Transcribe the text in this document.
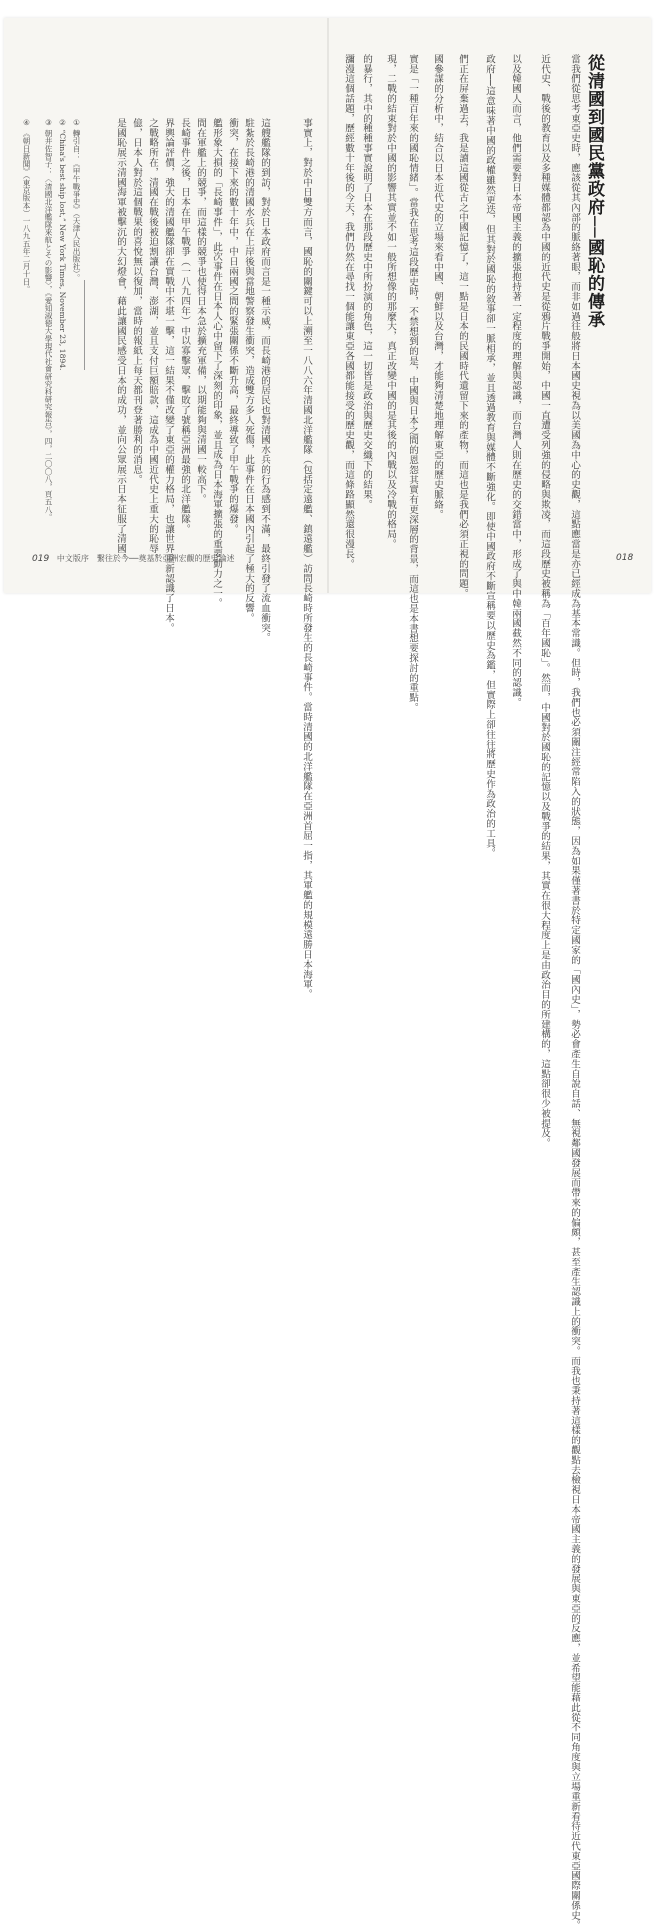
從清國到國民黨政府──國恥的傳承
當我們從思考東亞史時，應該從其內部的脈絡著眼，而非如過往般將日本國史視為以美國為中心的史觀，這點應當是亦已經成為基本常識。但時，我們也必須關注經常陷入的狀態，因為如果僅著書於特定國家的「國內史」，勢必會產生自說自話、無視鄰國發展而帶來的偏頗，甚至產生認識上的衝突。而我也秉持著這樣的觀點去檢視日本帝國主義的發展與東亞的反應，並希望能藉此從不同角度與立場重新看待近代東亞國際關係史。
近代史、戰後的教育以及多種媒體都認為中國的近代史是從鴉片戰爭開始，中國一直遭受列強的侵略與欺凌，而這段歷史被稱為「百年國恥」。然而，中國對於國恥的記憶以及戰爭的結果，其實在很大程度上是由政治目的所建構的，這點卻很少被提及。
以及韓國人而言，他們需要對日本帝國主義的擴張抱持著一定程度的理解與認識，而台灣人則在歷史的交錯當中，形成了與中韓兩國截然不同的認識。
政府──這意味著中國的政權雖然更迭，但其對於國恥的敘事卻一脈相承，並且透過教育與媒體不斷強化。即使中國政府不斷宣稱要以歷史為鑑，但實際上卻往往將歷史作為政治的工具。
們正在屏棄過去，我是讀這國從古之中國記憶了，這一點是日本的民國時代遺留下來的產物，而這也是我們必須正視的問題。
國參謀的分析中，結合以日本近代史的立場來看中國、朝鮮以及台灣，才能夠清楚地理解東亞的歷史脈絡。
實是「一種百年來的國恥情緒」。當我在思考這段歷史時，不禁想到的是，中國與日本之間的恩怨其實有更深層的背景，而這也是本書想要探討的重點。
現，二戰的結束對於中國的影響其實並不如一般所想像的那麼大，真正改變中國的是其後的內戰以及冷戰的格局。
的暴行，其中的種種事實說明了日本在那段歷史中所扮演的角色，這一切皆是政治與歷史交織下的結果。
瀰漫這個話題，歷經數十年後的今天，我們仍然在尋找一個能讓東亞各國都能接受的歷史觀，而這條路顯然還很漫長。	018
事實上，對於中日雙方而言，國恥的關鍵可以上溯至一八八六年清國北洋艦隊（包括定遠艦、鎮遠艦）訪問長崎時所發生的長崎事件。當時清國的北洋艦隊在亞洲首屈一指，其軍艦的規模遠勝日本海軍。
這艘艦隊的到訪，對於日本政府而言是一種示威，而長崎港的居民也對清國水兵的行為感到不滿，最終引發了流血衝突。
駐紮於長崎港的清國水兵在上岸後與當地警察發生衝突，造成雙方多人死傷，此事件在日本國內引起了極大的反響。
衝突，在接下來的數十年中，中日兩國之間的緊張關係不斷升高，最終導致了甲午戰爭的爆發。
艦形象大損的「長崎事件」，此次事件在日本人心中留下了深刻的印象，並且成為日本海軍擴張的重要動力之一。
間在軍艦上的競爭，而這樣的競爭也使得日本急於擴充軍備，以期能夠與清國一較高下。
長崎事件之後，日本在甲午戰爭（一八九四年）中以寡擊眾，擊敗了號稱亞洲最強的北洋艦隊。
界輿論評價，強大的清國艦隊卻在實戰中不堪一擊，這一結果不僅改變了東亞的權力格局，也讓世界重新認識了日本。
之戰略所在，清國在戰後被迫割讓台灣、澎湖，並且支付巨額賠款，這成為中國近代史上重大的恥辱。
億，日本人對於這個戰果的喜悅無以復加，當時的報紙上每天都刊登著勝利的消息。
是國恥展示清國海軍被擊沉的大幻燈會，藉此讓國民感受日本的成功，並向公眾展示日本征服了清國。
① 轉引自：《甲午戰爭史》（天津人民出版社）。
② “China's best ship lost,” New York Times, November 23, 1894.
③ 朝井佐智子：〈清國北洋艦隊來航とその影響〉，《愛知淑徳大學現代社會研究科研究報告》，四，二〇〇八，頁五八。
④ 《朝日新聞》（東京版本）一八九五年二月十日。
019 中文版序　繫往於今──奠基於亞洲宏觀的歷史論述
